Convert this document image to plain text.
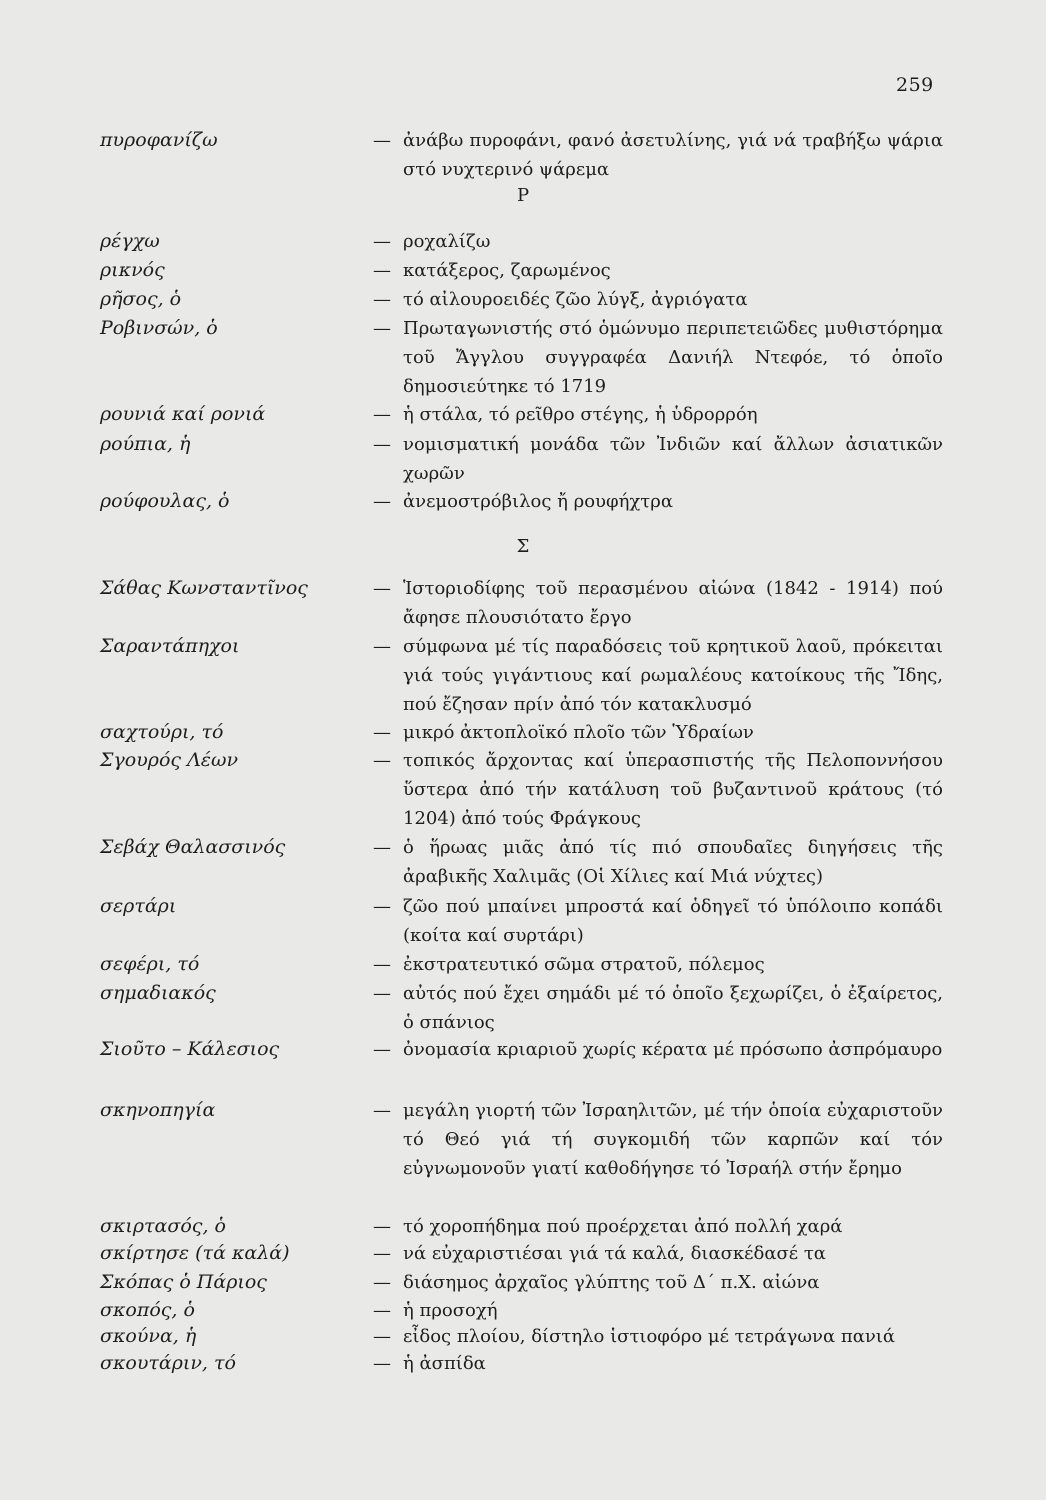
259
πυροφανίζω	— ἀνάβω πυροφάνι, φανό ἀσετυλίνης, γιά νά τραβήξω ψάρια στό νυχτερινό ψάρεμα
Ρ
ρέγχω	— ροχαλίζω
ρικνός	— κατάξερος, ζαρωμένος
ρῆσος, ὁ	— τό αἰλουροειδές ζῶο λύγξ, ἀγριόγατα
Ροβινσών, ὁ	— Πρωταγωνιστής στό ὁμώνυμο περιπετειῶδες μυθιστόρημα τοῦ Ἄγγλου συγγραφέα Δανιήλ Ντεφόε, τό ὁποῖο δημοσιεύτηκε τό 1719
ρουνιά καί ρονιά	— ἡ στάλα, τό ρεῖθρο στέγης, ἡ ὑδρορρόη
ρούπια, ἡ	— νομισματική μονάδα τῶν Ἰνδιῶν καί ἄλλων ἀσιατικῶν χωρῶν
ρούφουλας, ὁ	— ἀνεμοστρόβιλος ἤ ρουφήχτρα
Σ
Σάθας Κωνσταντῖνος	— Ἱστοριοδίφης τοῦ περασμένου αἰώνα (1842 - 1914) πού ἄφησε πλουσιότατο ἔργο
Σαραντάπηχοι	— σύμφωνα μέ τίς παραδόσεις τοῦ κρητικοῦ λαοῦ, πρόκειται γιά τούς γιγάντιους καί ρωμαλέους κατοίκους τῆς Ἴδης, πού ἔζησαν πρίν ἀπό τόν κατακλυσμό
σαχτούρι, τό	— μικρό ἀκτοπλοϊκό πλοῖο τῶν Ὑδραίων
Σγουρός Λέων	— τοπικός ἄρχοντας καί ὑπερασπιστής τῆς Πελοποννήσου ὕστερα ἀπό τήν κατάλυση τοῦ βυζαντινοῦ κράτους (τό 1204) ἀπό τούς Φράγκους
Σεβάχ Θαλασσινός	— ὁ ἥρωας μιᾶς ἀπό τίς πιό σπουδαῖες διηγήσεις τῆς ἀραβικῆς Χαλιμᾶς (Οἱ Χίλιες καί Μιά νύχτες)
σερτάρι	— ζῶο πού μπαίνει μπροστά καί ὁδηγεῖ τό ὑπόλοιπο κοπάδι (κοίτα καί συρτάρι)
σεφέρι, τό	— ἐκστρατευτικό σῶμα στρατοῦ, πόλεμος
σημαδιακός	— αὐτός πού ἔχει σημάδι μέ τό ὁποῖο ξεχωρίζει, ὁ ἐξαίρετος, ὁ σπάνιος
Σιοῦτο – Κάλεσιος	— ὀνομασία κριαριοῦ χωρίς κέρατα μέ πρόσωπο ἀσπρόμαυρο
σκηνοπηγία	— μεγάλη γιορτή τῶν Ἰσραηλιτῶν, μέ τήν ὁποία εὐχαριστοῦν τό Θεό γιά τή συγκομιδή τῶν καρπῶν καί τόν εὐγνωμονοῦν γιατί καθοδήγησε τό Ἰσραήλ στήν ἔρημο
σκιρτασός, ὁ	— τό χοροπήδημα πού προέρχεται ἀπό πολλή χαρά
σκίρτησε (τά καλά)	— νά εὐχαριστιέσαι γιά τά καλά, διασκέδασέ τα
Σκόπας ὁ Πάριος	— διάσημος ἀρχαῖος γλύπτης τοῦ Δ΄ π.Χ. αἰώνα
σκοπός, ὁ	— ἡ προσοχή
σκούνα, ἡ	— εἶδος πλοίου, δίστηλο ἱστιοφόρο μέ τετράγωνα πανιά
σκουτάριν, τό	— ἡ ἀσπίδα
